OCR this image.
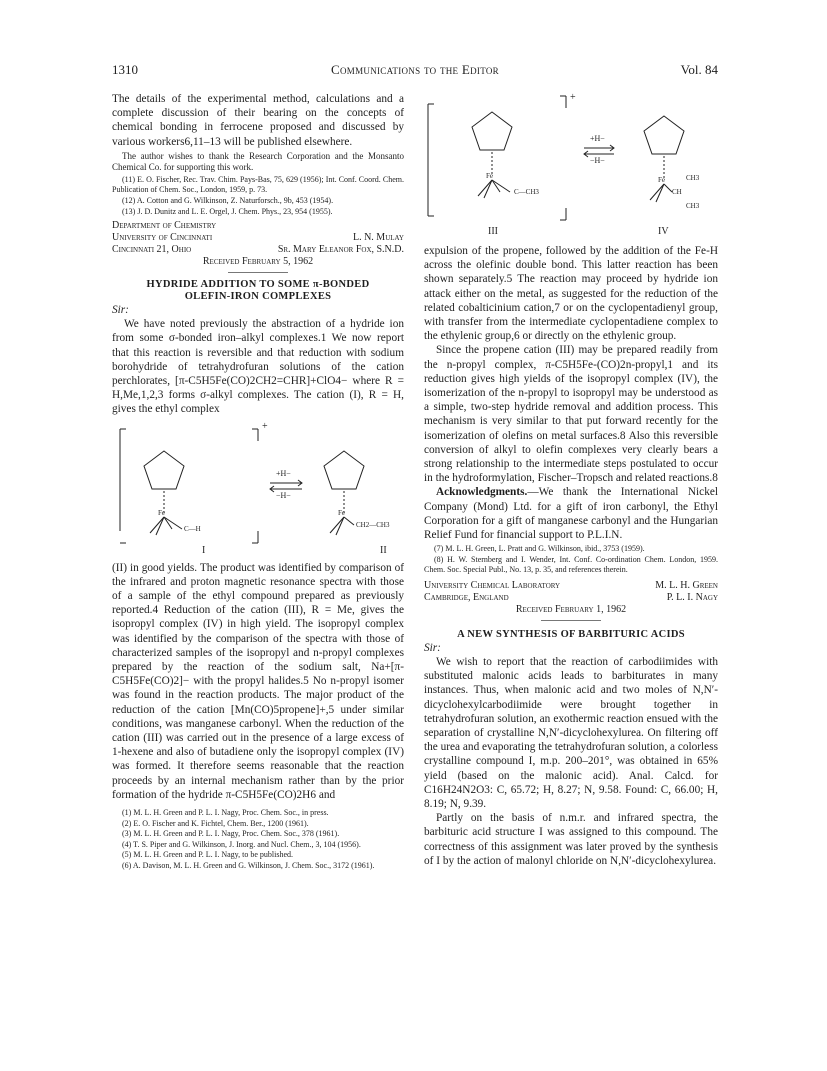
1310	Communications to the Editor	Vol. 84

The details of the experimental method, calculations and a complete discussion of their bearing on the concepts of chemical bonding in ferrocene proposed and discussed by various workers6,11–13 will be published elsewhere.

The author wishes to thank the Research Corporation and the Monsanto Chemical Co. for supporting this work.

(11) E. O. Fischer, Rec. Trav. Chim. Pays-Bas, 75, 629 (1956); Int. Conf. Coord. Chem. Publication of Chem. Soc., London, 1959, p. 73.

(12) A. Cotton and G. Wilkinson, Z. Naturforsch., 9b, 453 (1954).

(13) J. D. Dunitz and L. E. Orgel, J. Chem. Phys., 23, 954 (1955).

Department of Chemistry

University of Cincinnati	L. N. Mulay

Cincinnati 21, Ohio	Sr. Mary Eleanor Fox, S.N.D.

Received February 5, 1962

HYDRIDE ADDITION TO SOME π-BONDED OLEFIN-IRON COMPLEXES

Sir:

We have noted previously the abstraction of a hydride ion from some σ-bonded iron–alkyl complexes.1 We now report that this reaction is reversible and that reduction with sodium borohydride of tetrahydrofuran solutions of the cation perchlorates, [π-C5H5Fe(CO)2CH2=CHR]+ClO4− where R = H,Me,1,2,3 forms σ-alkyl complexes. The cation (I), R = H, gives the ethyl complex

+
Fe
C—H
Fe
CH2—CH3
+H−
−H−
I	II

(II) in good yields. The product was identified by comparison of the infrared and proton magnetic resonance spectra with those of a sample of the ethyl compound prepared as previously reported.4 Reduction of the cation (III), R = Me, gives the isopropyl complex (IV) in high yield. The isopropyl complex was identified by the comparison of the spectra with those of characterized samples of the isopropyl and n-propyl complexes prepared by the reaction of the sodium salt, Na+[π-C5H5Fe(CO)2]− with the propyl halides.5 No n-propyl isomer was found in the reaction products. The major product of the reduction of the cation [Mn(CO)5propene]+,5 under similar conditions, was manganese carbonyl. When the reduction of the cation (III) was carried out in the presence of a large excess of 1-hexene and also of butadiene only the isopropyl complex (IV) was formed. It therefore seems reasonable that the reaction proceeds by an internal mechanism rather than by the prior formation of the hydride π-C5H5Fe(CO)2H6 and

(1) M. L. H. Green and P. L. I. Nagy, Proc. Chem. Soc., in press.

(2) E. O. Fischer and K. Fichtel, Chem. Ber., 1200 (1961).

(3) M. L. H. Green and P. L. I. Nagy, Proc. Chem. Soc., 378 (1961).

(4) T. S. Piper and G. Wilkinson, J. Inorg. and Nucl. Chem., 3, 104 (1956).

(5) M. L. H. Green and P. L. I. Nagy, to be published.

(6) A. Davison, M. L. H. Green and G. Wilkinson, J. Chem. Soc., 3172 (1961).

+
Fe
C—CH3
Fe
CH
CH3
CH3
+H−
−H−
III	IV

expulsion of the propene, followed by the addition of the Fe-H across the olefinic double bond. This latter reaction has been shown separately.5 The reaction may proceed by hydride ion attack either on the metal, as suggested for the reduction of the related cobalticinium cation,7 or on the cyclopentadienyl group, with transfer from the intermediate cyclopentadiene complex to the ethylenic group,6 or directly on the ethylenic group.

Since the propene cation (III) may be prepared readily from the n-propyl complex, π-C5H5Fe-(CO)2n-propyl,1 and its reduction gives high yields of the isopropyl complex (IV), the isomerization of the n-propyl to isopropyl may be understood as a simple, two-step hydride removal and addition process. This mechanism is very similar to that put forward recently for the isomerization of olefins on metal surfaces.8 Also this reversible conversion of alkyl to olefin complexes very clearly bears a strong relationship to the intermediate steps postulated to occur in the hydroformylation, Fischer–Tropsch and related reactions.8

Acknowledgments.—We thank the International Nickel Company (Mond) Ltd. for a gift of iron carbonyl, the Ethyl Corporation for a gift of manganese carbonyl and the Hungarian Relief Fund for financial support to P.L.I.N.

(7) M. L. H. Green, L. Pratt and G. Wilkinson, ibid., 3753 (1959).

(8) H. W. Sternberg and I. Wender, Int. Conf. Co-ordination Chem. London, 1959. Chem. Soc. Special Publ., No. 13, p. 35, and references therein.

University Chemical Laboratory	M. L. H. Green

Cambridge, England	P. L. I. Nagy

Received February 1, 1962

A NEW SYNTHESIS OF BARBITURIC ACIDS

Sir:

We wish to report that the reaction of carbodiimides with substituted malonic acids leads to barbiturates in many instances. Thus, when malonic acid and two moles of N,N′-dicyclohexylcarbodiimide were brought together in tetrahydrofuran solution, an exothermic reaction ensued with the separation of crystalline N,N′-dicyclohexylurea. On filtering off the urea and evaporating the tetrahydrofuran solution, a colorless crystalline compound I, m.p. 200–201°, was obtained in 65% yield (based on the malonic acid). Anal. Calcd. for C16H24N2O3: C, 65.72; H, 8.27; N, 9.58. Found: C, 66.00; H, 8.19; N, 9.39.

Partly on the basis of n.m.r. and infrared spectra, the barbituric acid structure I was assigned to this compound. The correctness of this assignment was later proved by the synthesis of I by the action of malonyl chloride on N,N′-dicyclohexylurea.
